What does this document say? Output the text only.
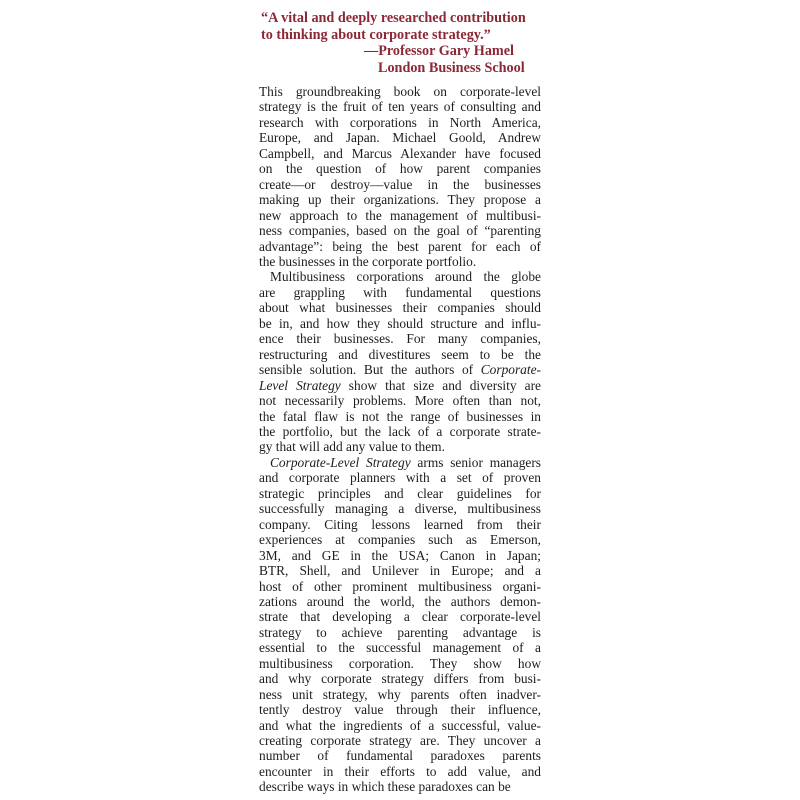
“A vital and deeply researched contribution
to thinking about corporate strategy.”
—Professor Gary Hamel
London Business School
This groundbreaking book on corporate-level
strategy is the fruit of ten years of consulting and
research with corporations in North America,
Europe, and Japan. Michael Goold, Andrew
Campbell, and Marcus Alexander have focused
on the question of how parent companies
create—or destroy—value in the businesses
making up their organizations. They propose a
new approach to the management of multibusi-
ness companies, based on the goal of “parenting
advantage”: being the best parent for each of
the businesses in the corporate portfolio.
Multibusiness corporations around the globe
are grappling with fundamental questions
about what businesses their companies should
be in, and how they should structure and influ-
ence their businesses. For many companies,
restructuring and divestitures seem to be the
sensible solution. But the authors of Corporate-
Level Strategy show that size and diversity are
not necessarily problems. More often than not,
the fatal flaw is not the range of businesses in
the portfolio, but the lack of a corporate strate-
gy that will add any value to them.
Corporate-Level Strategy arms senior managers
and corporate planners with a set of proven
strategic principles and clear guidelines for
successfully managing a diverse, multibusiness
company. Citing lessons learned from their
experiences at companies such as Emerson,
3M, and GE in the USA; Canon in Japan;
BTR, Shell, and Unilever in Europe; and a
host of other prominent multibusiness organi-
zations around the world, the authors demon-
strate that developing a clear corporate-level
strategy to achieve parenting advantage is
essential to the successful management of a
multibusiness corporation. They show how
and why corporate strategy differs from busi-
ness unit strategy, why parents often inadver-
tently destroy value through their influence,
and what the ingredients of a successful, value-
creating corporate strategy are. They uncover a
number of fundamental paradoxes parents
encounter in their efforts to add value, and
describe ways in which these paradoxes can be
